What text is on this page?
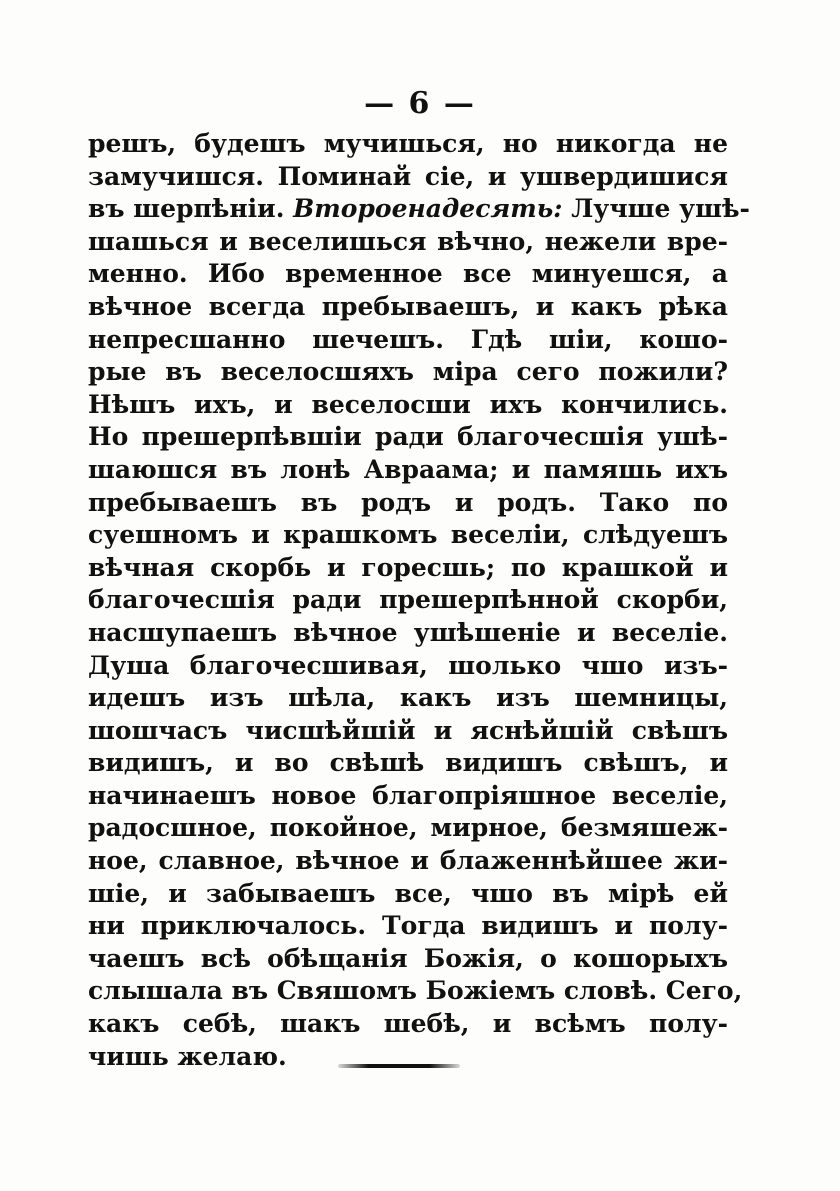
— 6 —
решъ, будешъ мучишься, но никогда не
замучишся. Поминай сіе, и ушвердишися
въ шерпѣніи. Второенадесять: Лучше ушѣ-
шашься и веселишься вѣчно, нежели вре-
менно. Ибо временное все минуешся, а
вѣчное всегда пребываешъ, и какъ рѣка
непресшанно шечешъ. Гдѣ шіи, кошо-
рые въ веселосшяхъ міра сего пожили?
Нѣшъ ихъ, и веселосши ихъ кончились.
Но прешерпѣвшіи ради благочесшія ушѣ-
шаюшся въ лонѣ Авраама; и памяшь ихъ
пребываешъ въ родъ и родъ. Тако по
суешномъ и крашкомъ веселіи, слѣдуешъ
вѣчная скорбь и горесшь; по крашкой и
благочесшія ради прешерпѣнной скорби,
насшупаешъ вѣчное ушѣшеніе и веселіе.
Душа благочесшивая, шолько чшо изъ-
идешъ изъ шѣла, какъ изъ шемницы,
шошчасъ чисшѣйшій и яснѣйшій свѣшъ
видишъ, и во свѣшѣ видишъ свѣшъ, и
начинаешъ новое благопріяшное веселіе,
радосшное, покойное, мирное, безмяшеж-
ное, славное, вѣчное и блаженнѣйшее жи-
шіе, и забываешъ все, чшо въ мірѣ ей
ни приключалось. Тогда видишъ и полу-
чаешъ всѣ обѣщанія Божія, о кошорыхъ
слышала въ Свяшомъ Божіемъ словѣ. Сего,
какъ себѣ, шакъ шебѣ, и всѣмъ полу-
чишь желаю.
